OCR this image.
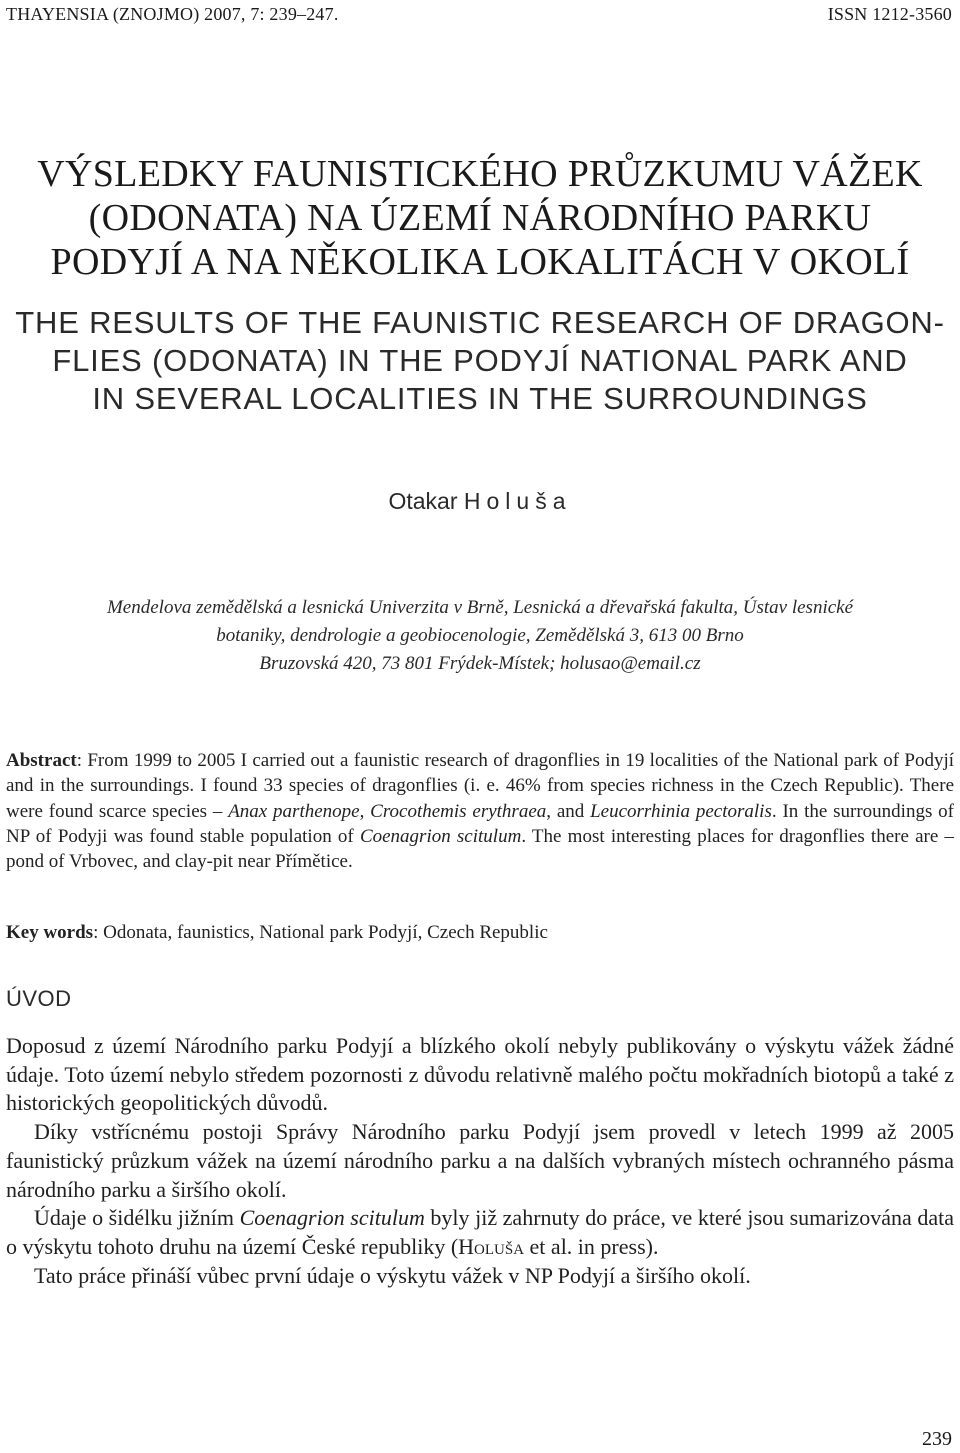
THAYENSIA (ZNOJMO) 2007, 7: 239–247.	ISSN 1212-3560
VÝSLEDKY FAUNISTICKÉHO PRŮZKUMU VÁŽEK
(ODONATA) NA ÚZEMÍ NÁRODNÍHO PARKU
PODYJÍ A NA NĚKOLIKA LOKALITÁCH V OKOLÍ
THE RESULTS OF THE FAUNISTIC RESEARCH OF DRAGON-
FLIES (ODONATA) IN THE PODYJÍ NATIONAL PARK AND
IN SEVERAL LOCALITIES IN THE SURROUNDINGS
Otakar Holuša
Mendelova zemědělská a lesnická Univerzita v Brně, Lesnická a dřevařská fakulta, Ústav lesnické
botaniky, dendrologie a geobiocenologie, Zemědělská 3, 613 00 Brno
Bruzovská 420, 73 801 Frýdek-Místek; holusao@email.cz
Abstract: From 1999 to 2005 I carried out a faunistic research of dragonflies in 19 localities of the National park of Podyjí and in the surroundings. I found 33 species of dragonflies (i. e. 46% from species richness in the Czech Republic). There were found scarce species – Anax parthenope, Crocothemis erythraea, and Leucorrhinia pectoralis. In the surroundings of NP of Podyji was found stable population of Coenagrion scitulum. The most interesting places for dragonflies there are – pond of Vrbovec, and clay-pit near Přímětice.
Key words: Odonata, faunistics, National park Podyjí, Czech Republic
ÚVOD

Doposud z území Národního parku Podyjí a blízkého okolí nebyly publikovány o výskytu vážek žádné údaje. Toto území nebylo středem pozornosti z důvodu relativně malého počtu mokřadních biotopů a také z historických geopolitických důvodů.

Díky vstřícnému postoji Správy Národního parku Podyjí jsem provedl v letech 1999 až 2005 faunistický průzkum vážek na území národního parku a na dalších vybraných místech ochranného pásma národního parku a širšího okolí.

Údaje o šidélku jižním Coenagrion scitulum byly již zahrnuty do práce, ve které jsou sumarizována data o výskytu tohoto druhu na území České republiky (Holuša et al. in press).

Tato práce přináší vůbec první údaje o výskytu vážek v NP Podyjí a širšího okolí.

239
